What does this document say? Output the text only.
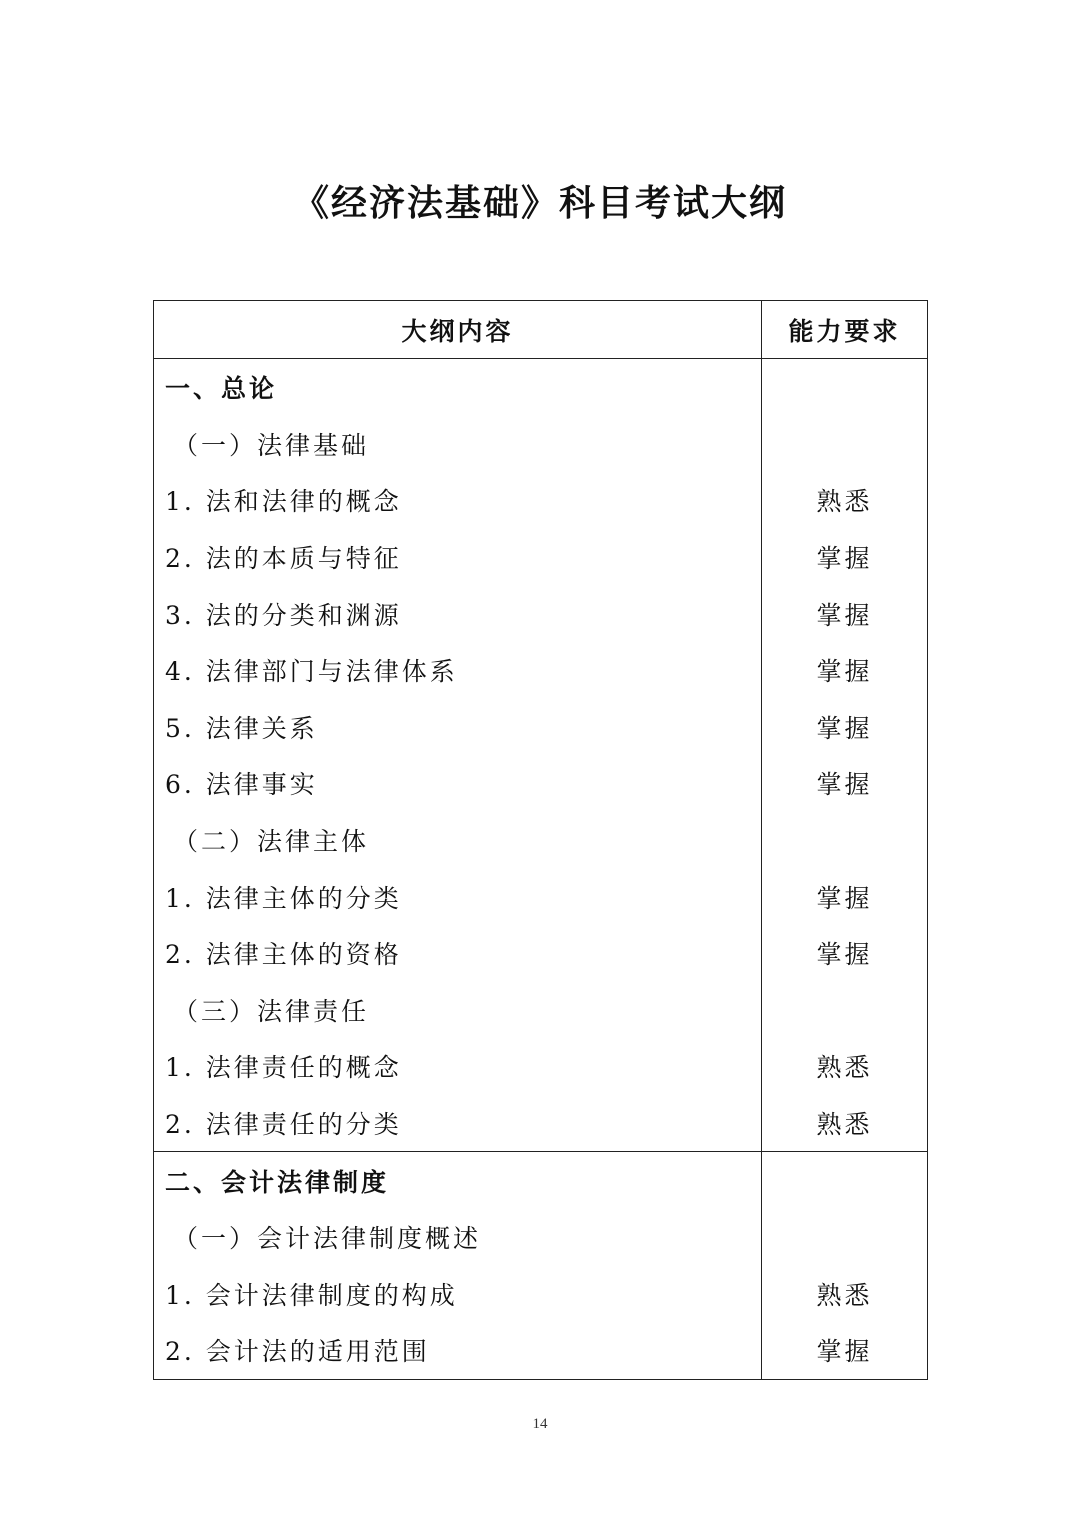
《经济法基础》科目考试大纲
大纲内容	能力要求
一、总论	
（一）法律基础	
1. 法和法律的概念	熟悉
2. 法的本质与特征	掌握
3. 法的分类和渊源	掌握
4. 法律部门与法律体系	掌握
5. 法律关系	掌握
6. 法律事实	掌握
（二）法律主体	
1. 法律主体的分类	掌握
2. 法律主体的资格	掌握
（三）法律责任	
1. 法律责任的概念	熟悉
2. 法律责任的分类	熟悉
二、会计法律制度	
（一）会计法律制度概述	
1. 会计法律制度的构成	熟悉
2. 会计法的适用范围	掌握
14
